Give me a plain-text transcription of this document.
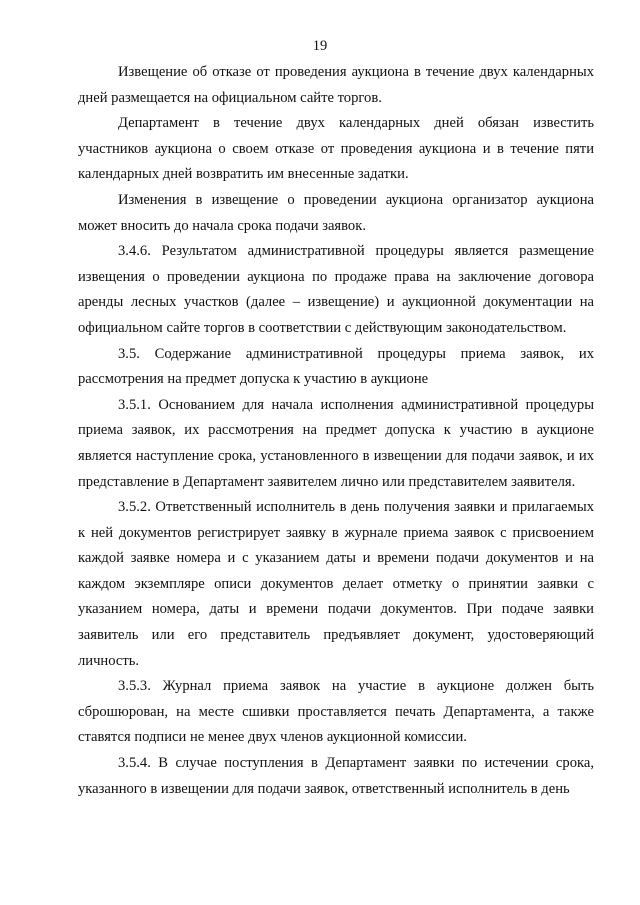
19

Извещение об отказе от проведения аукциона в течение двух календарных дней размещается на официальном сайте торгов.

Департамент в течение двух календарных дней обязан известить участников аукциона о своем отказе от проведения аукциона и в течение пяти календарных дней возвратить им внесенные задатки.

Изменения в извещение о проведении аукциона организатор аукциона может вносить до начала срока подачи заявок.

3.4.6. Результатом административной процедуры является размещение извещения о проведении аукциона по продаже права на заключение договора аренды лесных участков (далее – извещение) и аукционной документации на официальном сайте торгов в соответствии с действующим законодательством.

3.5. Содержание административной процедуры приема заявок, их рассмотрения на предмет допуска к участию в аукционе

3.5.1. Основанием для начала исполнения административной процедуры приема заявок, их рассмотрения на предмет допуска к участию в аукционе является наступление срока, установленного в извещении для подачи заявок, и их представление в Департамент заявителем лично или представителем заявителя.

3.5.2. Ответственный исполнитель в день получения заявки и прилагаемых к ней документов регистрирует заявку в журнале приема заявок с присвоением каждой заявке номера и с указанием даты и времени подачи документов и на каждом экземпляре описи документов делает отметку о принятии заявки с указанием номера, даты и времени подачи документов. При подаче заявки заявитель или его представитель предъявляет документ, удостоверяющий личность.

3.5.3. Журнал приема заявок на участие в аукционе должен быть сброшюрован, на месте сшивки проставляется печать Департамента, а также ставятся подписи не менее двух членов аукционной комиссии.

3.5.4. В случае поступления в Департамент заявки по истечении срока, указанного в извещении для подачи заявок, ответственный исполнитель в день
